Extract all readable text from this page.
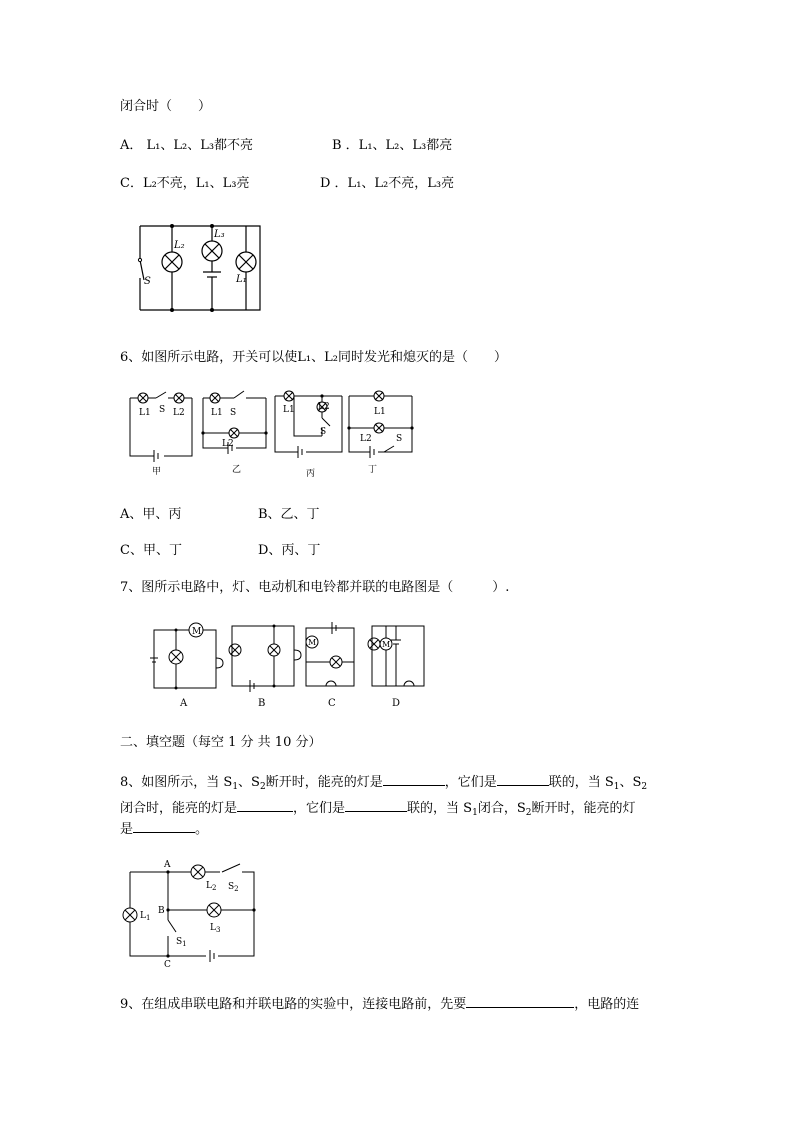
闭合时（　　）
A． L₁、L₂、L₃都不亮	B ．L₁、L₂、L₃都亮
C．L₂不亮，L₁、L₃亮	D ．L₁、L₂不亮，L₃亮
L₂
L₃
L₁
S
6、如图所示电路，开关可以使L₁、L₂同时发光和熄灭的是（　　）
L1 S L2
甲
L1 S
L2
乙
L1	L2
S
丙
L1
L2	S
丁
A、甲、丙	B、乙、丁
C、甲、丁	D、丙、丁
7、图所示电路中，灯、电动机和电铃都并联的电路图是（　　　）.
M
A	B
M
C
M
D
二、填空题（每空 1 分 共 10 分）
8、如图所示，当 $S_1$、$S_2$断开时，能亮的灯是	，它们是	联的，当 $S_1$、$S_2$
闭合时，能亮的灯是	，它们是	联的，当 $S_1$闭合，$S_2$断开时，能亮的灯
是	。
A
B
C
$L_1$
$L_2$
$L_3$
$S_1$
$S_2$
9、在组成串联电路和并联电路的实验中，连接电路前，先要	，电路的连
